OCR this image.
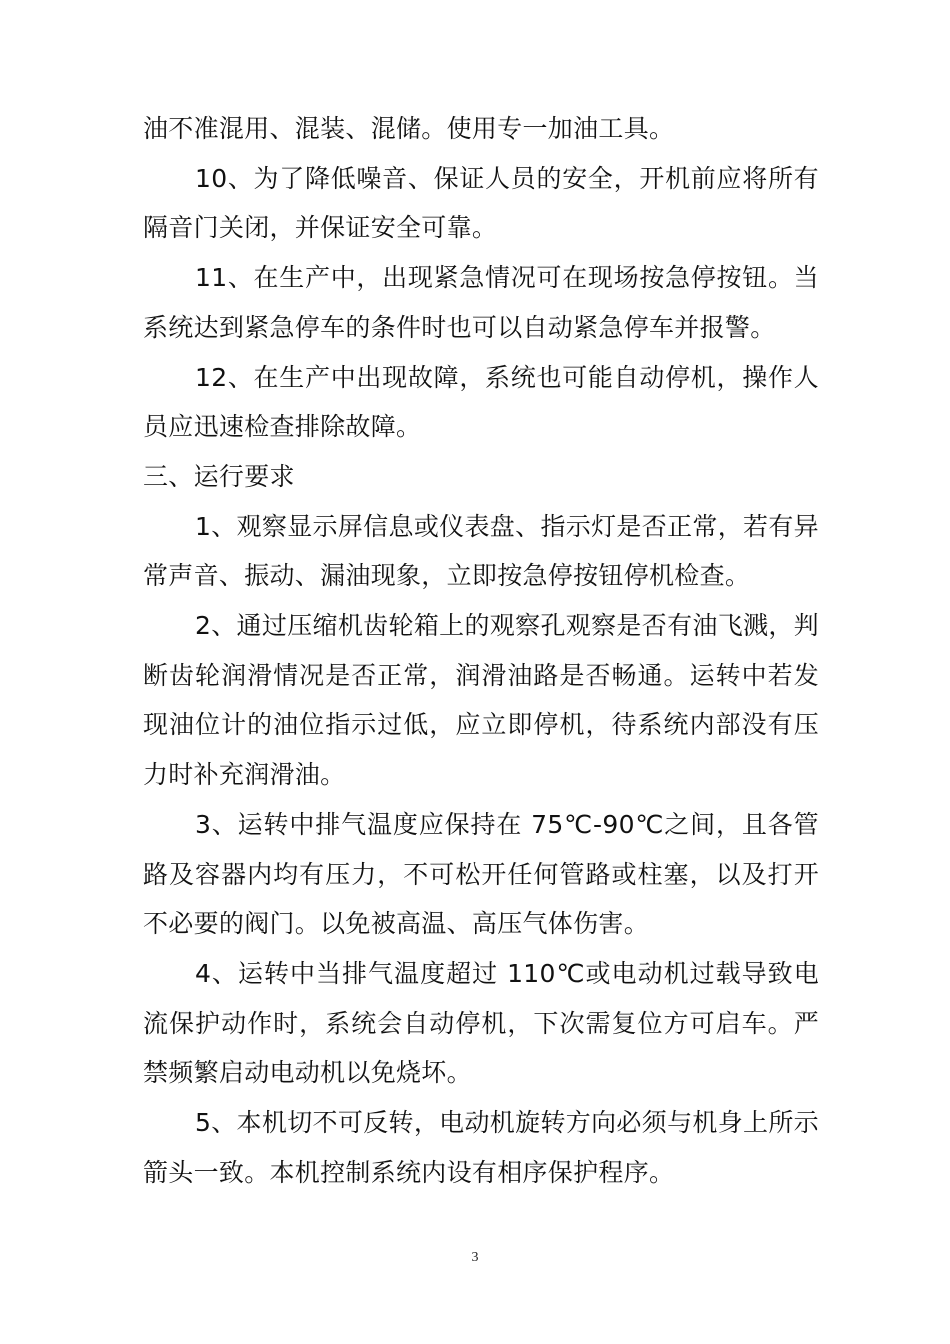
油不准混用、混装、混储。使用专一加油工具。

10、为了降低噪音、保证人员的安全，开机前应将所有隔音门关闭，并保证安全可靠。

11、在生产中，出现紧急情况可在现场按急停按钮。当系统达到紧急停车的条件时也可以自动紧急停车并报警。

12、在生产中出现故障，系统也可能自动停机，操作人员应迅速检查排除故障。

三、运行要求

1、观察显示屏信息或仪表盘、指示灯是否正常，若有异常声音、振动、漏油现象，立即按急停按钮停机检查。

2、通过压缩机齿轮箱上的观察孔观察是否有油飞溅，判断齿轮润滑情况是否正常，润滑油路是否畅通。运转中若发现油位计的油位指示过低，应立即停机，待系统内部没有压力时补充润滑油。

3、运转中排气温度应保持在 75℃-90℃之间，且各管路及容器内均有压力，不可松开任何管路或柱塞，以及打开不必要的阀门。以免被高温、高压气体伤害。

4、运转中当排气温度超过 110℃或电动机过载导致电流保护动作时，系统会自动停机，下次需复位方可启车。严禁频繁启动电动机以免烧坏。

5、本机切不可反转，电动机旋转方向必须与机身上所示箭头一致。本机控制系统内设有相序保护程序。

3
